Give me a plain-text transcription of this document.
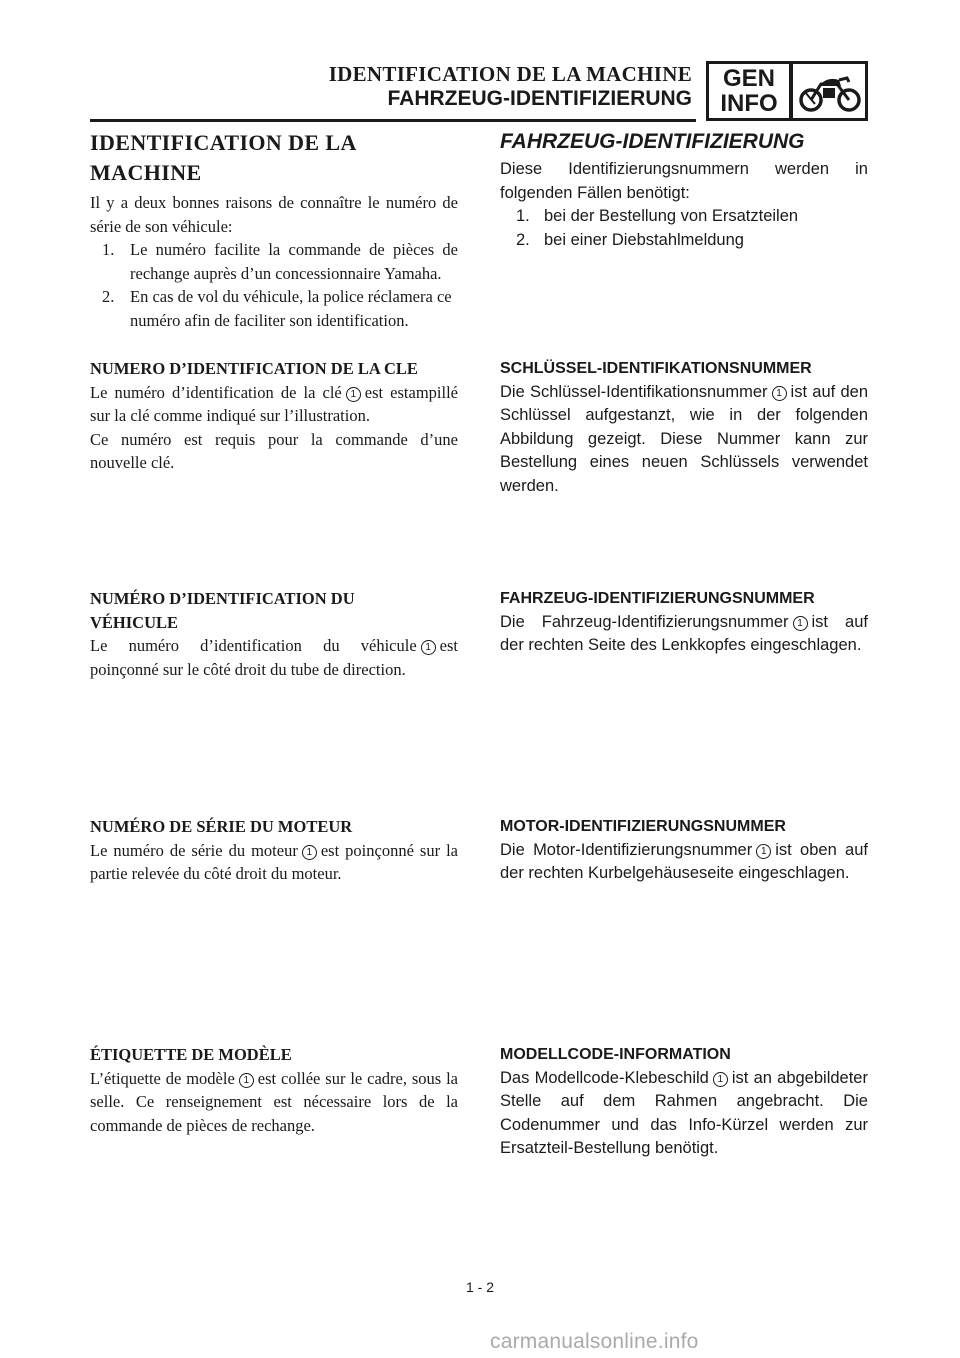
IDENTIFICATION DE LA MACHINE
FAHRZEUG-IDENTIFIZIERUNG
GEN
INFO
IDENTIFICATION DE LA
MACHINE

Il y a deux bonnes raisons de connaître le numéro de série de son véhicule:

1. Le numéro facilite la commande de pièces de rechange auprès d’un concessionnaire Yamaha.
2. En cas de vol du véhicule, la police réclamera ce numéro afin de faciliter son identification.
NUMERO D’IDENTIFICATION DE LA CLE

Le numéro d’identification de la clé 1 est estampillé sur la clé comme indiqué sur l’illustration.

Ce numéro est requis pour la commande d’une nouvelle clé.

NUMÉRO D’IDENTIFICATION DU
VÉHICULE

Le numéro d’identification du véhicule 1 est poinçonné sur le côté droit du tube de direction.

NUMÉRO DE SÉRIE DU MOTEUR

Le numéro de série du moteur 1 est poinçonné sur la partie relevée du côté droit du moteur.

ÉTIQUETTE DE MODÈLE

L’étiquette de modèle 1 est collée sur le cadre, sous la selle. Ce renseignement est nécessaire lors de la commande de pièces de rechange.

FAHRZEUG-IDENTIFIZIERUNG

Diese Identifizierungsnummern werden in folgenden Fällen benötigt:

1. bei der Bestellung von Ersatzteilen
2. bei einer Diebstahlmeldung
SCHLÜSSEL-IDENTIFIKATIONSNUMMER

Die Schlüssel-Identifikationsnummer 1 ist auf den Schlüssel aufgestanzt, wie in der folgenden Abbildung gezeigt. Diese Nummer kann zur Bestellung eines neuen Schlüssels verwendet werden.

FAHRZEUG-IDENTIFIZIERUNGSNUMMER

Die Fahrzeug-Identifizierungsnummer 1 ist auf der rechten Seite des Lenkkopfes eingeschlagen.

MOTOR-IDENTIFIZIERUNGSNUMMER

Die Motor-Identifizierungsnummer 1 ist oben auf der rechten Kurbelgehäuseseite eingeschlagen.

MODELLCODE-INFORMATION

Das Modellcode-Klebeschild 1 ist an abgebildeter Stelle auf dem Rahmen angebracht. Die Codenummer und das Info-Kürzel werden zur Ersatzteil-Bestellung benötigt.

1 - 2
carmanualsonline.info
